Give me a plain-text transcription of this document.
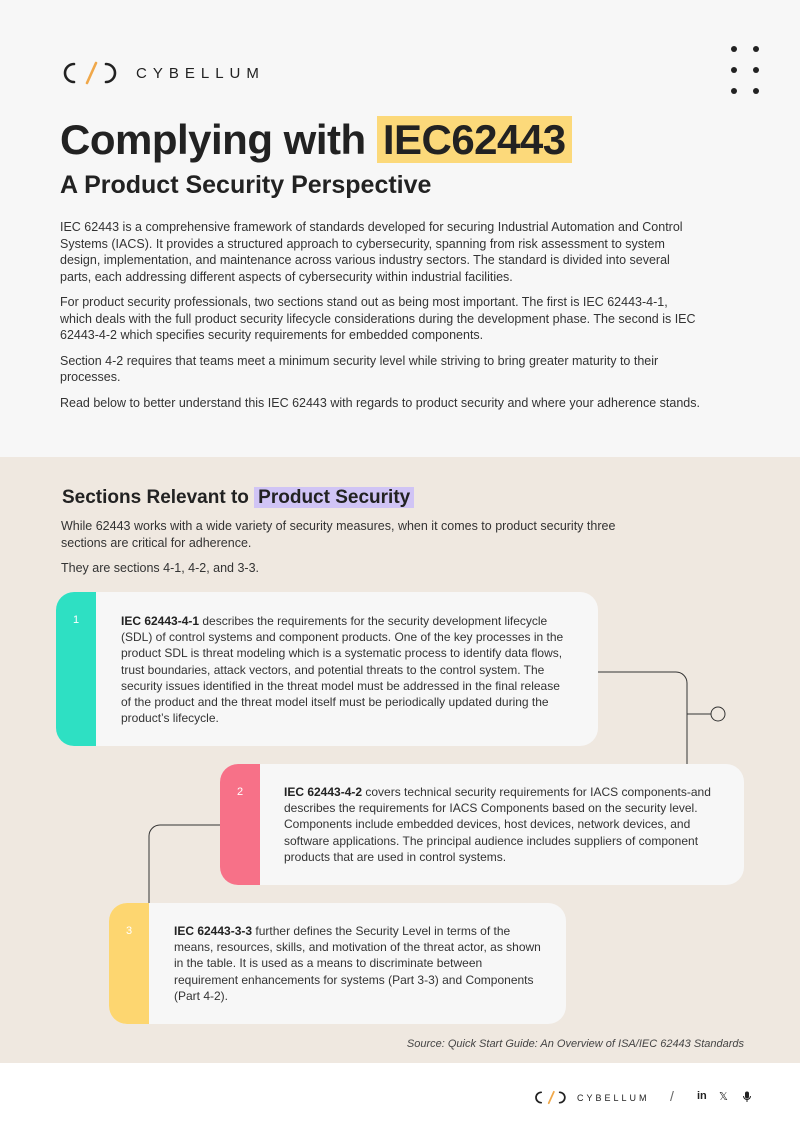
CYBELLUM
Complying with IEC62443
A Product Security Perspective

IEC 62443 is a comprehensive framework of standards developed for securing Industrial Automation and Control Systems (IACS). It provides a structured approach to cybersecurity, spanning from risk assessment to system design, implementation, and maintenance across various industry sectors. The standard is divided into several parts, each addressing different aspects of cybersecurity within industrial facilities.

For product security professionals, two sections stand out as being most important. The first is IEC 62443-4-1, which deals with the full product security lifecycle considerations during the development phase. The second is IEC 62443-4-2 which specifies security requirements for embedded components.

Section 4-2 requires that teams meet a minimum security level while striving to bring greater maturity to their processes.

Read below to better understand this IEC 62443 with regards to product security and where your adherence stands.

Sections Relevant to Product Security

While 62443 works with a wide variety of security measures, when it comes to product security three sections are critical for adherence.

They are sections 4-1, 4-2, and 3-3.

1	IEC 62443-4-1 describes the requirements for the security development lifecycle (SDL) of control systems and component products. One of the key processes in the product SDL is threat modeling which is a systematic process to identify data flows, trust boundaries, attack vectors, and potential threats to the control system. The security issues identified in the threat model must be addressed in the final release of the product and the threat model itself must be periodically updated during the product’s lifecycle.
2	IEC 62443-4-2 covers technical security requirements for IACS components-and describes the requirements for IACS Components based on the security level. Components include embedded devices, host devices, network devices, and software applications. The principal audience includes suppliers of component products that are used in control systems.
3	IEC 62443-3-3 further defines the Security Level in terms of the means, resources, skills, and motivation of the threat actor, as shown in the table. It is used as a means to discriminate between requirement enhancements for systems (Part 3-3) and Components (Part 4-2).
Source: Quick Start Guide: An Overview of ISA/IEC 62443 Standards
CYBELLUM / in 𝕏
